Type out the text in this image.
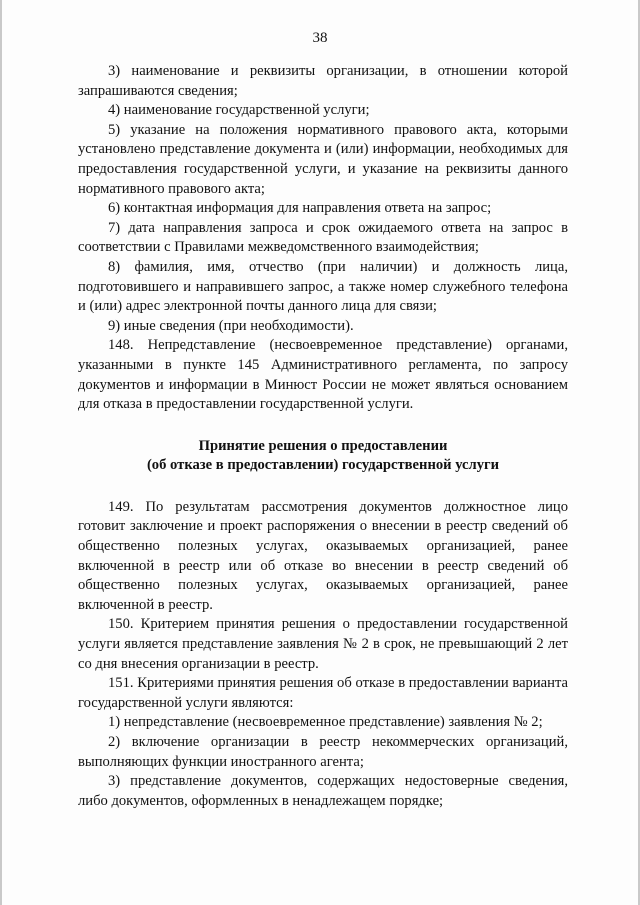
38

3) наименование и реквизиты организации, в отношении которой запрашиваются сведения;

4) наименование государственной услуги;

5) указание на положения нормативного правового акта, которыми установлено представление документа и (или) информации, необходимых для предоставления государственной услуги, и указание на реквизиты данного нормативного правового акта;

6) контактная информация для направления ответа на запрос;

7) дата направления запроса и срок ожидаемого ответа на запрос в соответствии с Правилами межведомственного взаимодействия;

8) фамилия, имя, отчество (при наличии) и должность лица, подготовившего и направившего запрос, а также номер служебного телефона и (или) адрес электронной почты данного лица для связи;

9) иные сведения (при необходимости).

148. Непредставление (несвоевременное представление) органами, указанными в пункте 145 Административного регламента, по запросу документов и информации в Минюст России не может являться основанием для отказа в предоставлении государственной услуги.

Принятие решения о предоставлении
(об отказе в предоставлении) государственной услуги

149. По результатам рассмотрения документов должностное лицо готовит заключение и проект распоряжения о внесении в реестр сведений об общественно полезных услугах, оказываемых организацией, ранее включенной в реестр или об отказе во внесении в реестр сведений об общественно полезных услугах, оказываемых организацией, ранее включенной в реестр.

150. Критерием принятия решения о предоставлении государственной услуги является представление заявления № 2 в срок, не превышающий 2 лет со дня внесения организации в реестр.

151. Критериями принятия решения об отказе в предоставлении варианта государственной услуги являются:

1) непредставление (несвоевременное представление) заявления № 2;

2) включение организации в реестр некоммерческих организаций, выполняющих функции иностранного агента;

3) представление документов, содержащих недостоверные сведения, либо документов, оформленных в ненадлежащем порядке;
